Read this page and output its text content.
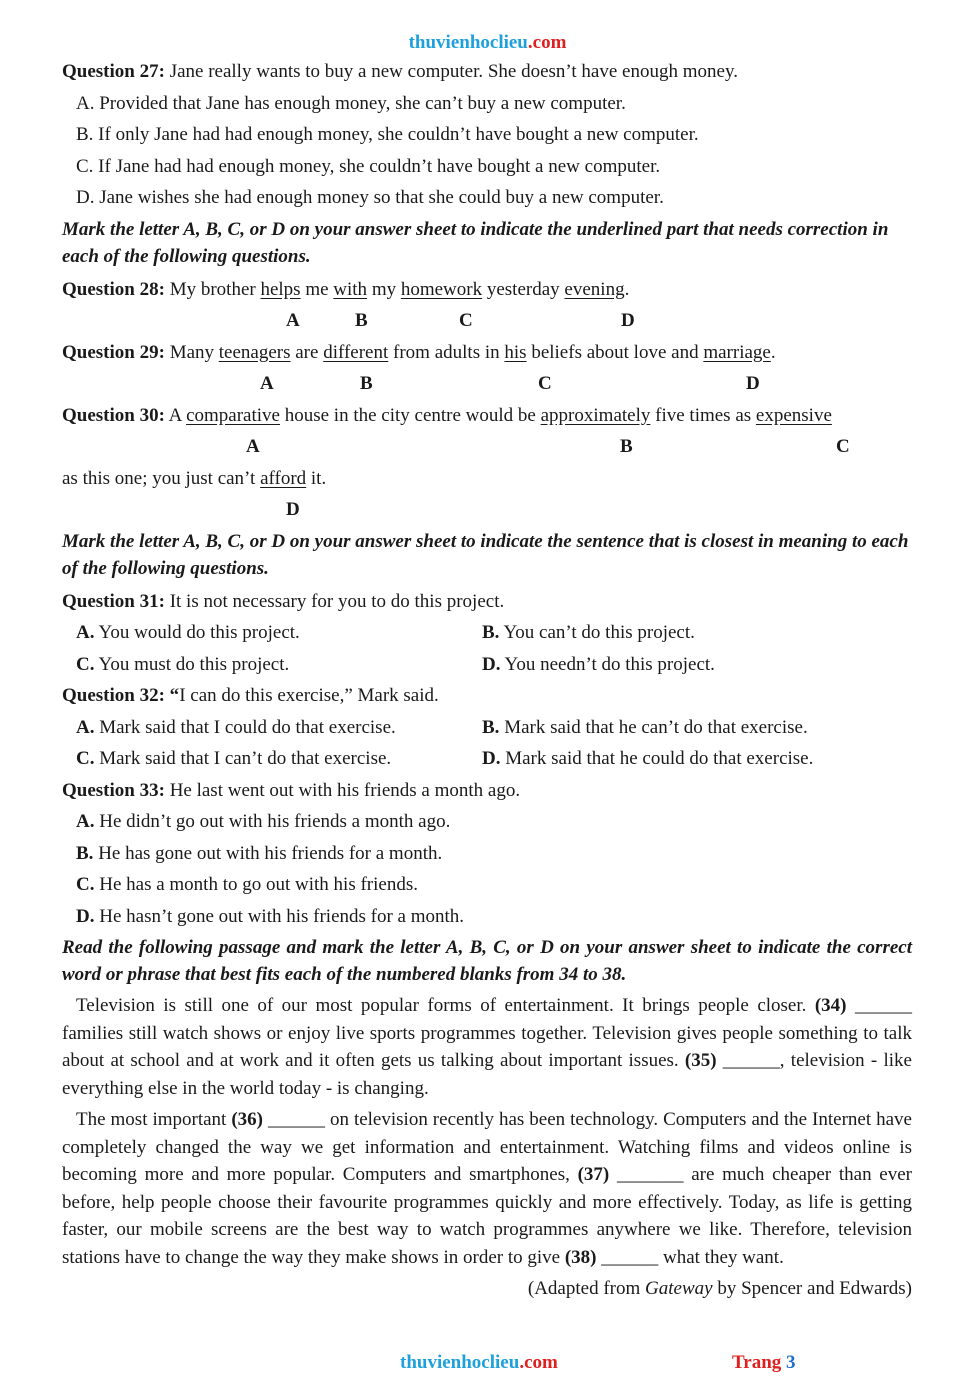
thuvienhoclieu.com
Question 27: Jane really wants to buy a new computer. She doesn’t have enough money.
A. Provided that Jane has enough money, she can’t buy a new computer.
B. If only Jane had had enough money, she couldn’t have bought a new computer.
C. If Jane had had enough money, she couldn’t have bought a new computer.
D. Jane wishes she had enough money so that she could buy a new computer.
Mark the letter A, B, C, or D on your answer sheet to indicate the underlined part that needs correction in each of the following questions.
Question 28: My brother helps me with my homework yesterday evening.
A	B	C	D
Question 29: Many teenagers are different from adults in his beliefs about love and marriage.
A	B	C	D
Question 30: A comparative house in the city centre would be approximately five times as expensive
A	B	C
as this one; you just can’t afford it.
D
Mark the letter A, B, C, or D on your answer sheet to indicate the sentence that is closest in meaning to each of the following questions.
Question 31: It is not necessary for you to do this project.
A. You would do this project.	B. You can’t do this project.
C. You must do this project.	D. You needn’t do this project.
Question 32: “I can do this exercise,” Mark said.
A. Mark said that I could do that exercise.	B. Mark said that he can’t do that exercise.
C. Mark said that I can’t do that exercise.	D. Mark said that he could do that exercise.
Question 33: He last went out with his friends a month ago.
A. He didn’t go out with his friends a month ago.
B. He has gone out with his friends for a month.
C. He has a month to go out with his friends.
D. He hasn’t gone out with his friends for a month.
Read the following passage and mark the letter A, B, C, or D on your answer sheet to indicate the correct word or phrase that best fits each of the numbered blanks from 34 to 38.
Television is still one of our most popular forms of entertainment. It brings people closer. (34) ______ families still watch shows or enjoy live sports programmes together. Television gives people something to talk about at school and at work and it often gets us talking about important issues. (35) ______, television - like everything else in the world today - is changing.
The most important (36) ______ on television recently has been technology. Computers and the Internet have completely changed the way we get information and entertainment. Watching films and videos online is becoming more and more popular. Computers and smartphones, (37) _______ are much cheaper than ever before, help people choose their favourite programmes quickly and more effectively. Today, as life is getting faster, our mobile screens are the best way to watch programmes anywhere we like. Therefore, television stations have to change the way they make shows in order to give (38) ______ what they want.
(Adapted from Gateway by Spencer and Edwards)
thuvienhoclieu.com	Trang 3
